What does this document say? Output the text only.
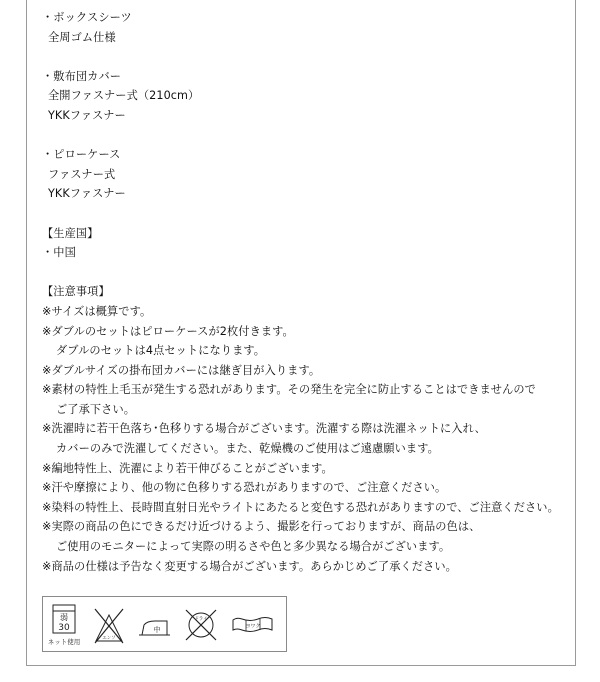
・ボックスシーツ
全周ゴム仕様
・敷布団カバー
全開ファスナー式（210cm）
YKKファスナー
・ピローケース
ファスナー式
YKKファスナー
【生産国】
・中国
【注意事項】
※サイズは概算です。
※ダブルのセットはピローケースが2枚付きます。
ダブルのセットは4点セットになります。
※ダブルサイズの掛布団カバーには継ぎ目が入ります。
※素材の特性上毛玉が発生する恐れがあります。その発生を完全に防止することはできませんので
ご了承下さい。
※洗濯時に若干色落ち･色移りする場合がございます。洗濯する際は洗濯ネットに入れ、
カバーのみで洗濯してください。また、乾燥機のご使用はご遠慮願います。
※編地特性上、洗濯により若干伸びることがございます。
※汗や摩擦により、他の物に色移りする恐れがありますので、ご注意ください。
※染料の特性上、長時間直射日光やライトにあたると変色する恐れがありますので、ご注意ください。
※実際の商品の色にできるだけ近づけるよう、撮影を行っておりますが、商品の色は、
ご使用のモニターによって実際の明るさや色と多少異なる場合がございます。
※商品の仕様は予告なく変更する場合がございます。あらかじめご了承ください。
弱
30
ネット使用	エンソ
中
ドライ
ヨワク
